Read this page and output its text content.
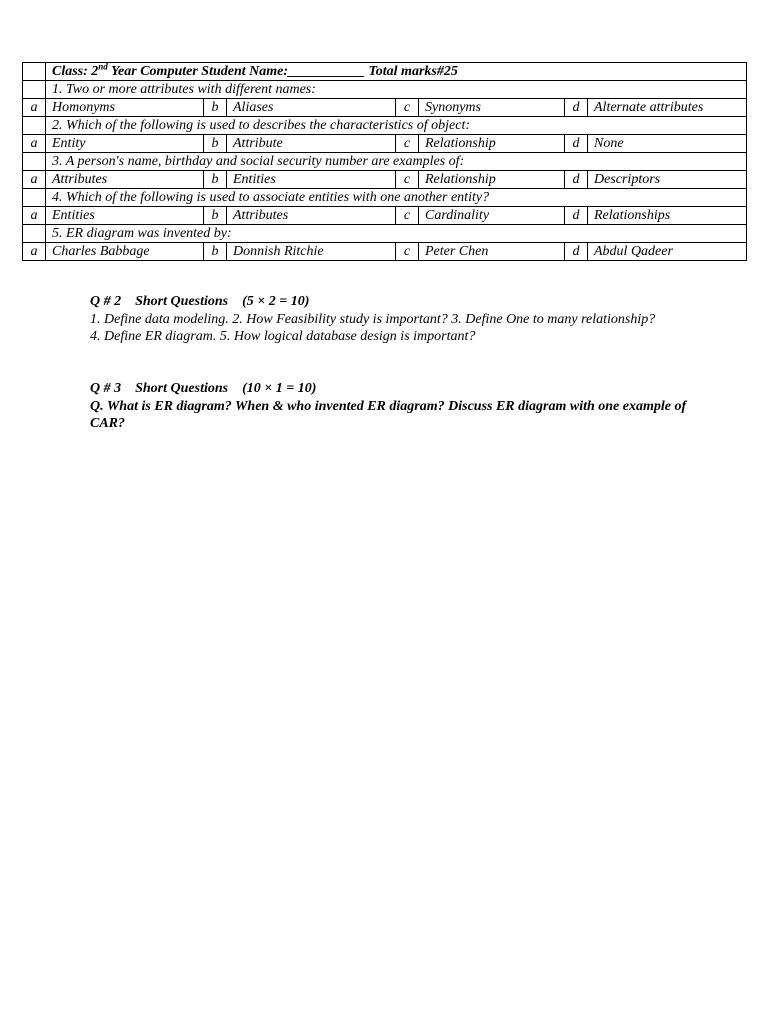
	Class: 2nd Year Computer Student Name:___________ Total marks#25						
	1. Two or more attributes with different names:						
a	Homonyms	b	Aliases	c	Synonyms	d	Alternate attributes
	2. Which of the following is used to describes the characteristics of object:						
a	Entity	b	Attribute	c	Relationship	d	None
	3. A person's name, birthday and social security number are examples of:						
a	Attributes	b	Entities	c	Relationship	d	Descriptors
	4. Which of the following is used to associate entities with one another entity?						
a	Entities	b	Attributes	c	Cardinality	d	Relationships
	5. ER diagram was invented by:						
a	Charles Babbage	b	Donnish Ritchie	c	Peter Chen	d	Abdul Qadeer
Q # 2    Short Questions    (5 × 2 = 10)
1. Define data modeling. 2. How Feasibility study is important? 3. Define One to many relationship?
4. Define ER diagram. 5. How logical database design is important?
Q # 3    Short Questions    (10 × 1 = 10)
Q. What is ER diagram? When & who invented ER diagram? Discuss ER diagram with one example of CAR?
